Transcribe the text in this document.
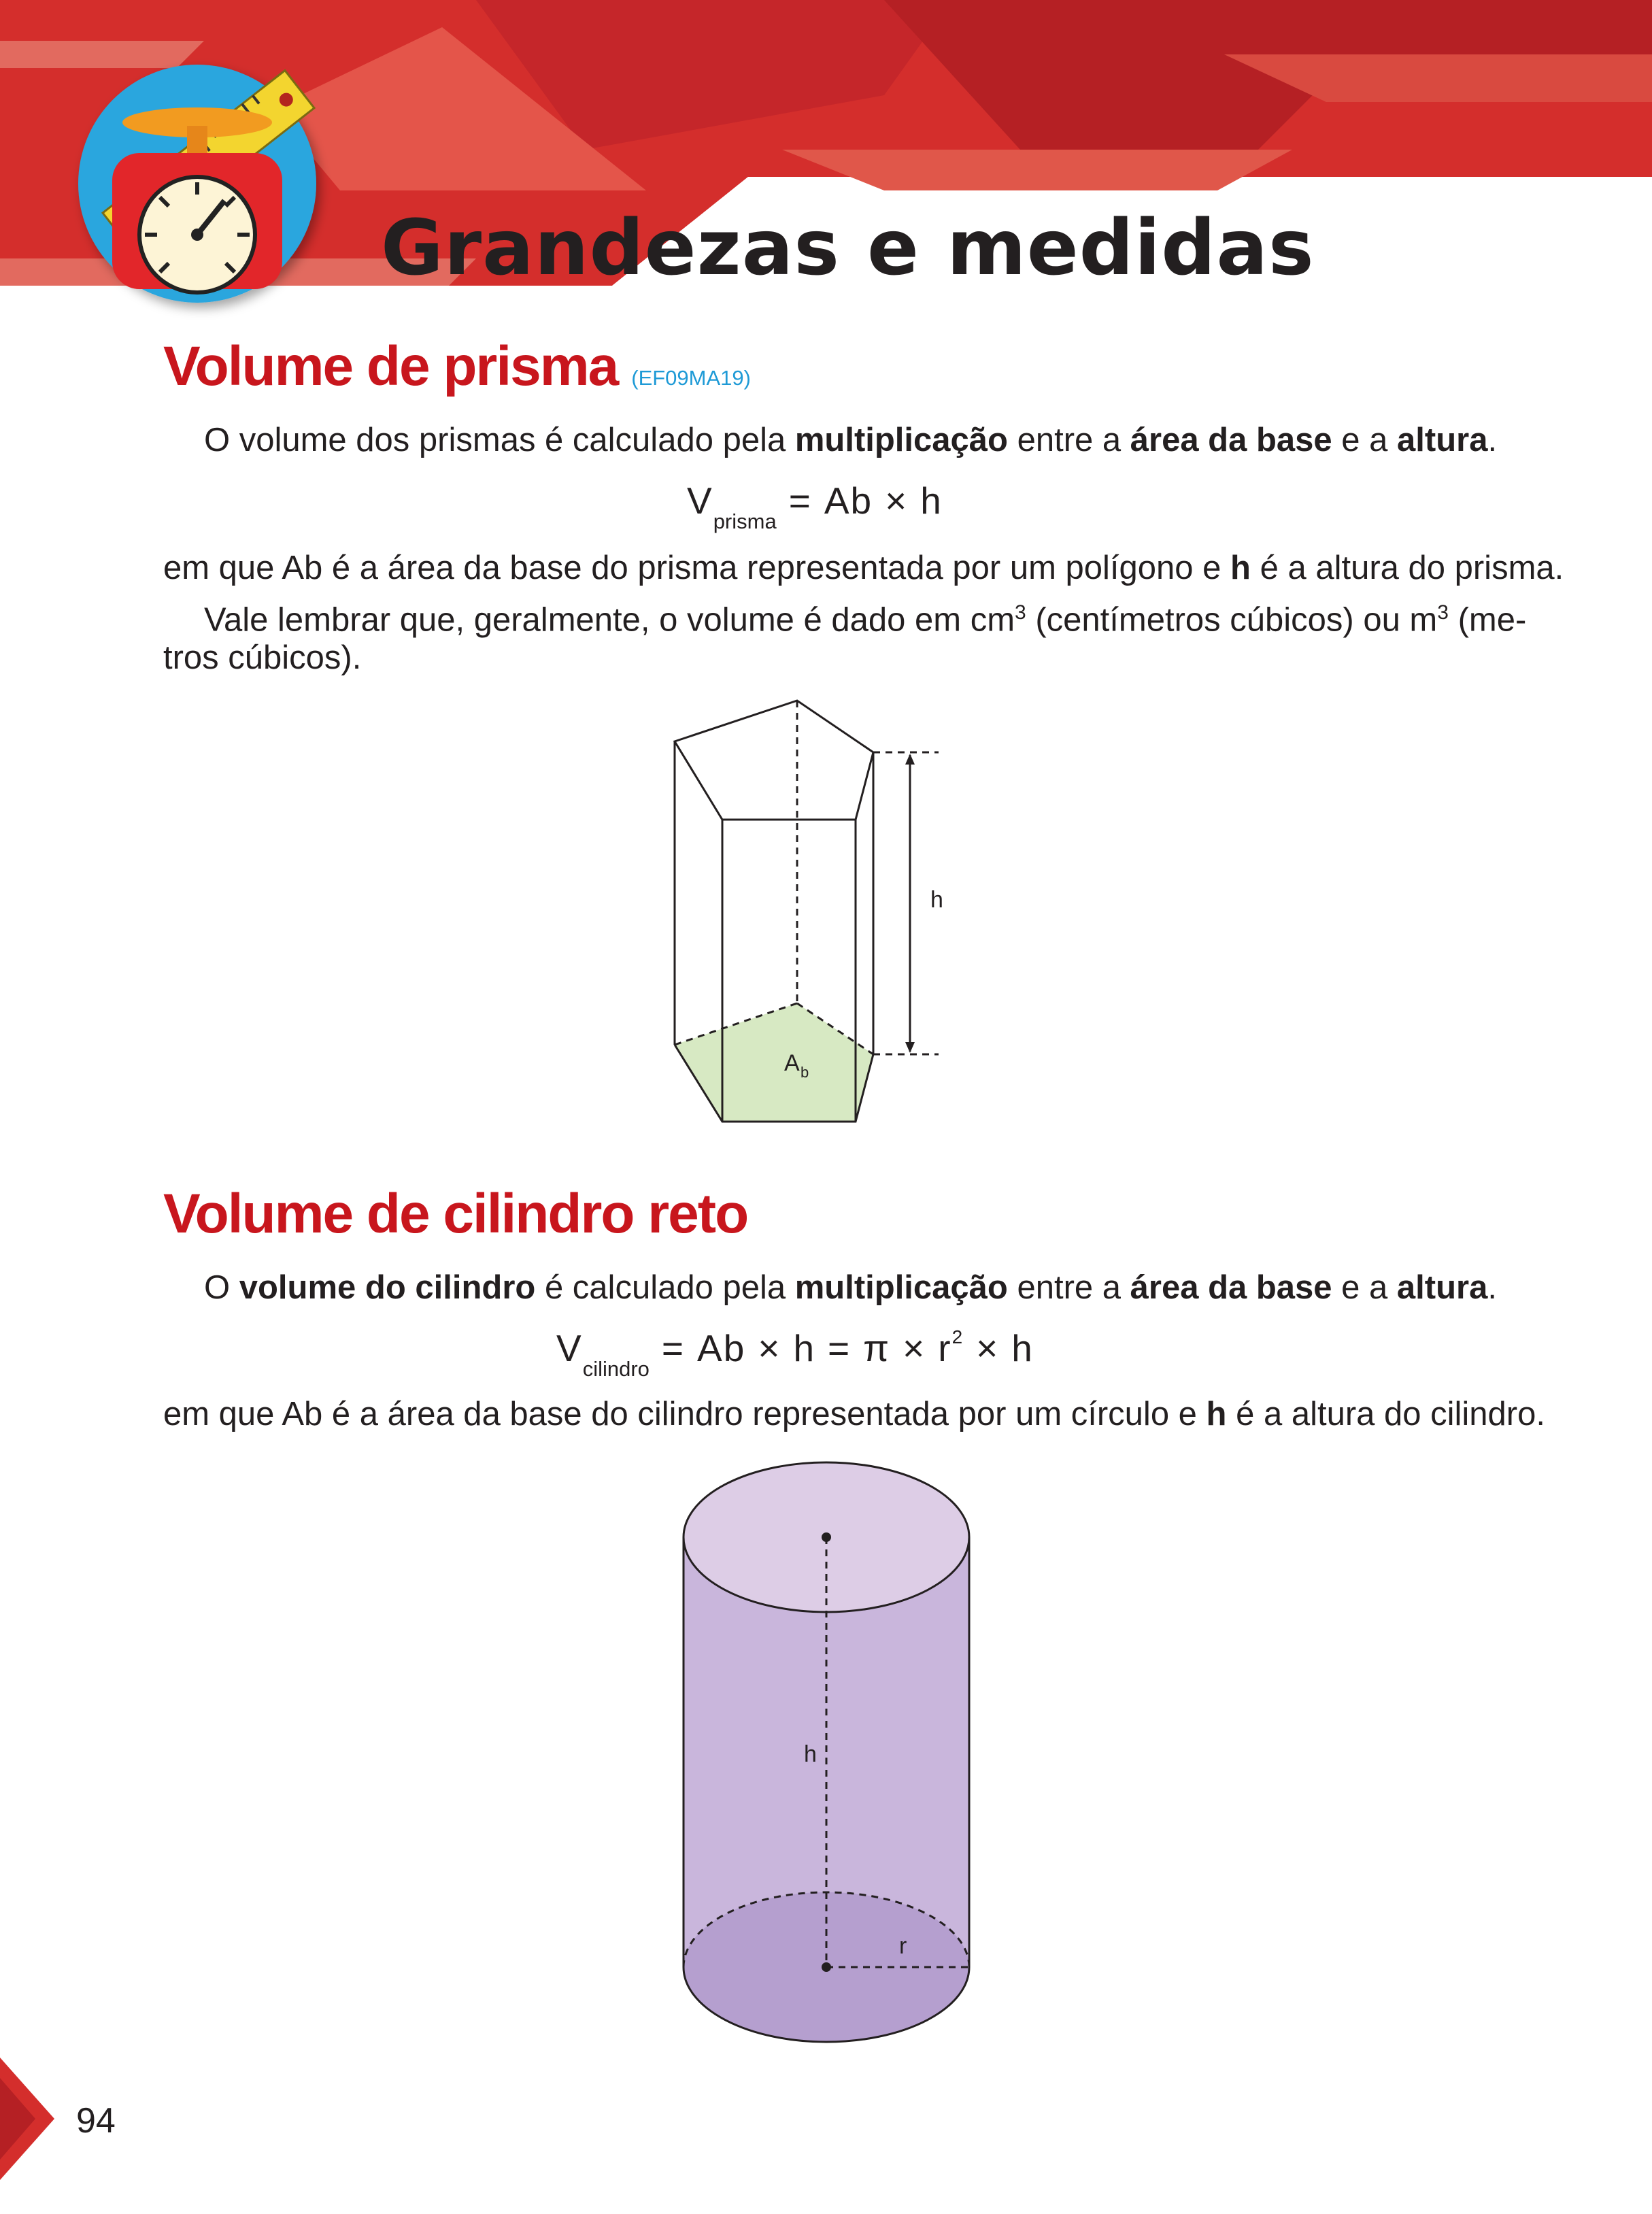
Grandezas e medidas
Volume de prisma (EF09MA19)
O volume dos prismas é calculado pela multiplicação entre a área da base e a altura.
$V_{prisma} = Ab \times h$
em que Ab é a área da base do prisma representada por um polígono e h é a altura do prisma.
Vale lembrar que, geralmente, o volume é dado em $cm^3$ (centímetros cúbicos) ou $m^3$ (me-
tros cúbicos).
h
A b
Volume de cilindro reto
O volume do cilindro é calculado pela multiplicação entre a área da base e a altura.
$V_{cilindro} = Ab \times h = \pi \times r^2 \times h$
em que Ab é a área da base do cilindro representada por um círculo e h é a altura do cilindro.
h
r
94
